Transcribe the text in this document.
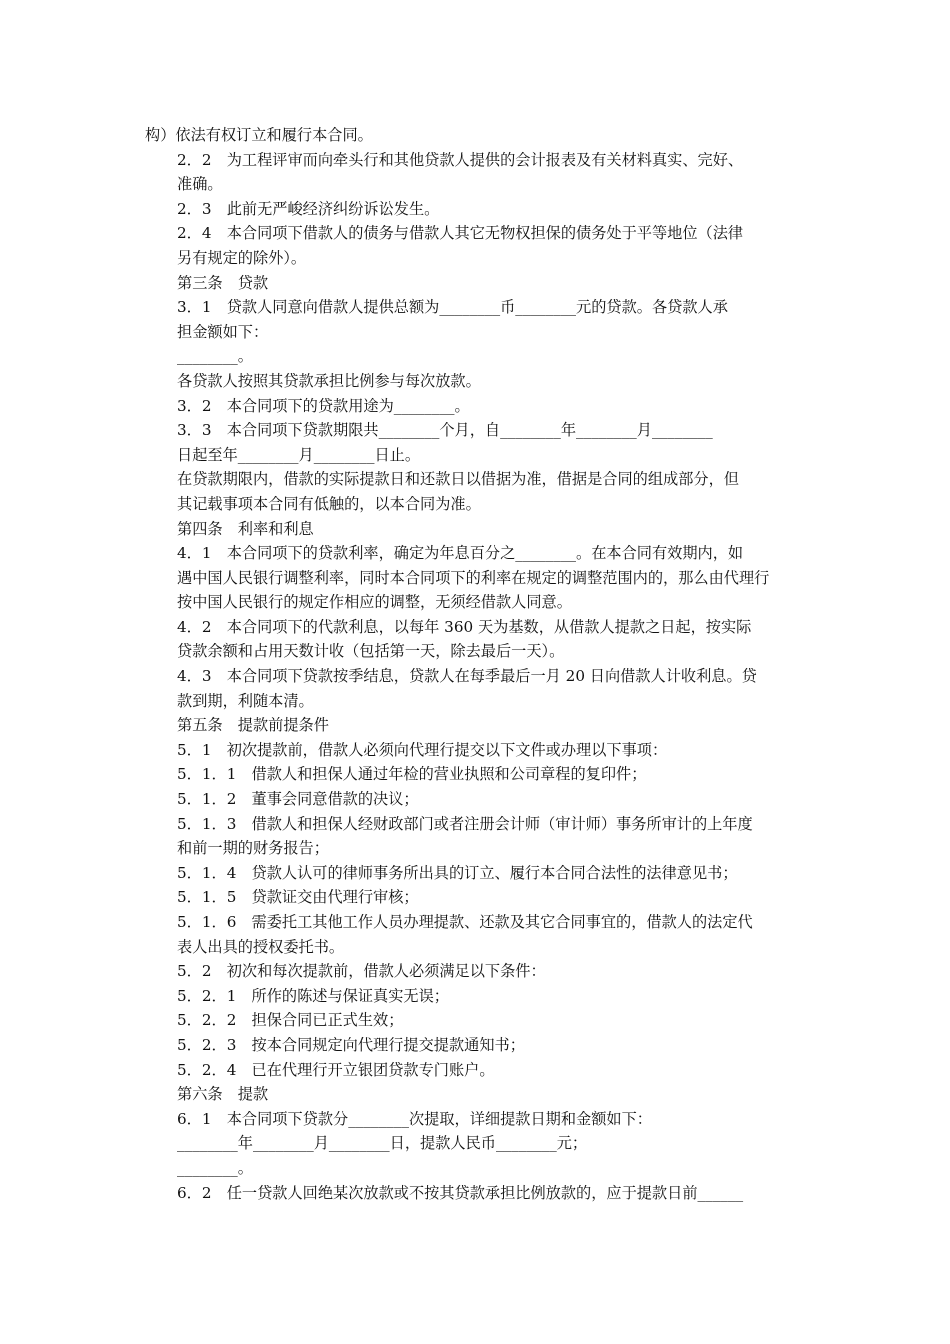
构）依法有权订立和履行本合同。
2．2　为工程评审而向牵头行和其他贷款人提供的会计报表及有关材料真实、完好、
准确。
2．3　此前无严峻经济纠纷诉讼发生。
2．4　本合同项下借款人的债务与借款人其它无物权担保的债务处于平等地位（法律
另有规定的除外）。
第三条　贷款
3．1　贷款人同意向借款人提供总额为________币________元的贷款。各贷款人承
担金额如下：
________。
各贷款人按照其贷款承担比例参与每次放款。
3．2　本合同项下的贷款用途为________。
3．3　本合同项下贷款期限共________个月，自________年________月________
日起至年________月________日止。
在贷款期限内，借款的实际提款日和还款日以借据为准，借据是合同的组成部分，但
其记载事项本合同有低触的，以本合同为准。
第四条　利率和利息
4．1　本合同项下的贷款利率，确定为年息百分之________。在本合同有效期内，如
遇中国人民银行调整利率，同时本合同项下的利率在规定的调整范围内的，那么由代理行
按中国人民银行的规定作相应的调整，无须经借款人同意。
4．2　本合同项下的代款利息，以每年 360 天为基数，从借款人提款之日起，按实际
贷款余额和占用天数计收（包括第一天，除去最后一天）。
4．3　本合同项下贷款按季结息，贷款人在每季最后一月 20 日向借款人计收利息。贷
款到期，利随本清。
第五条　提款前提条件
5．1　初次提款前，借款人必须向代理行提交以下文件或办理以下事项：
5．1．1　借款人和担保人通过年检的营业执照和公司章程的复印件；
5．1．2　董事会同意借款的决议；
5．1．3　借款人和担保人经财政部门或者注册会计师（审计师）事务所审计的上年度
和前一期的财务报告；
5．1．4　贷款人认可的律师事务所出具的订立、履行本合同合法性的法律意见书；
5．1．5　贷款证交由代理行审核；
5．1．6　需委托工其他工作人员办理提款、还款及其它合同事宜的，借款人的法定代
表人出具的授权委托书。
5．2　初次和每次提款前，借款人必须满足以下条件：
5．2．1　所作的陈述与保证真实无误；
5．2．2　担保合同已正式生效；
5．2．3　按本合同规定向代理行提交提款通知书；
5．2．4　已在代理行开立银团贷款专门账户。
第六条　提款
6．1　本合同项下贷款分________次提取，详细提款日期和金额如下：
________年________月________日，提款人民币________元；
________。
6．2　任一贷款人回绝某次放款或不按其贷款承担比例放款的，应于提款日前______
